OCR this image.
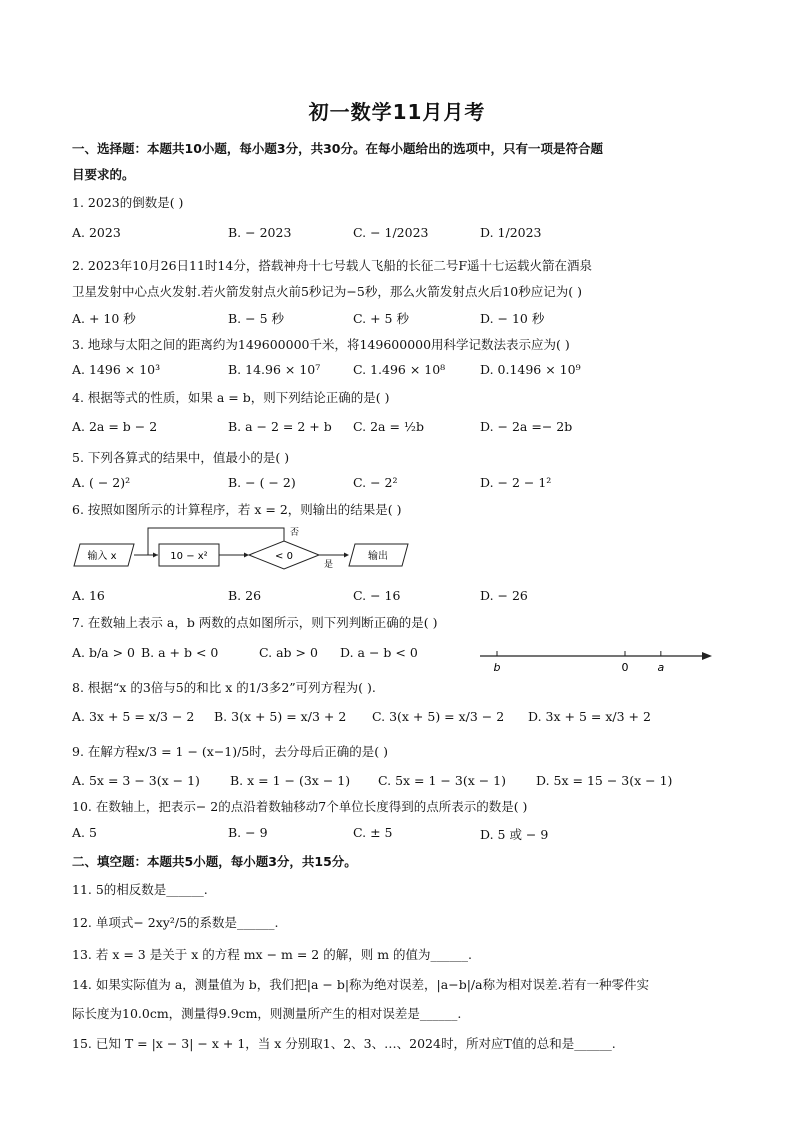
初一数学11月月考
一、选择题：本题共10小题，每小题3分，共30分。在每小题给出的选项中，只有一项是符合题
目要求的。
1. 2023的倒数是( )
A. 2023	B. − 2023	C. − 1/2023	D. 1/2023
2. 2023年10月26日11时14分，搭载神舟十七号载人飞船的长征二号F遥十七运载火箭在酒泉
卫星发射中心点火发射.若火箭发射点火前5秒记为−5秒，那么火箭发射点火后10秒应记为( )
A. + 10 秒	B. − 5 秒	C. + 5 秒	D. − 10 秒
3. 地球与太阳之间的距离约为149600000千米，将149600000用科学记数法表示应为( )
A. 1496 × 10³	B. 14.96 × 10⁷	C. 1.496 × 10⁸	D. 0.1496 × 10⁹
4. 根据等式的性质，如果 a = b，则下列结论正确的是( )
A. 2a = b − 2	B. a − 2 = 2 + b C. 2a = ½b	D. − 2a =− 2b
5. 下列各算式的结果中，值最小的是( )
A. ( − 2)²	B. − ( − 2)	C. − 2²	D. − 2 − 1²
6. 按照如图所示的计算程序，若 x = 2，则输出的结果是( )
输入 x	10 − x²	< 0
否
是
输出
A. 16	B. 26	C. − 16	D. − 26
7. 在数轴上表示 a，b 两数的点如图所示，则下列判断正确的是( )
A. b/a > 0 B. a + b < 0	C. ab > 0 D. a − b < 0
b	0	a
8. 根据“x 的3倍与5的和比 x 的1/3多2”可列方程为( ).
A. 3x + 5 = x/3 − 2 B. 3(x + 5) = x/3 + 2 C. 3(x + 5) = x/3 − 2 D. 3x + 5 = x/3 + 2
9. 在解方程x/3 = 1 − (x−1)/5时，去分母后正确的是( )
A. 5x = 3 − 3(x − 1) B. x = 1 − (3x − 1) C. 5x = 1 − 3(x − 1) D. 5x = 15 − 3(x − 1)
10. 在数轴上，把表示− 2的点沿着数轴移动7个单位长度得到的点所表示的数是( )
A. 5	B. − 9	C. ± 5	D. 5 或 − 9
二、填空题：本题共5小题，每小题3分，共15分。
11. 5的相反数是______.
12. 单项式− 2xy²/5的系数是______.
13. 若 x = 3 是关于 x 的方程 mx − m = 2 的解，则 m 的值为______.
14. 如果实际值为 a，测量值为 b，我们把|a − b|称为绝对误差，|a−b|/a称为相对误差.若有一种零件实
际长度为10.0cm，测量得9.9cm，则测量所产生的相对误差是______.
15. 已知 T = |x − 3| − x + 1，当 x 分别取1、2、3、…、2024时，所对应T值的总和是______.
